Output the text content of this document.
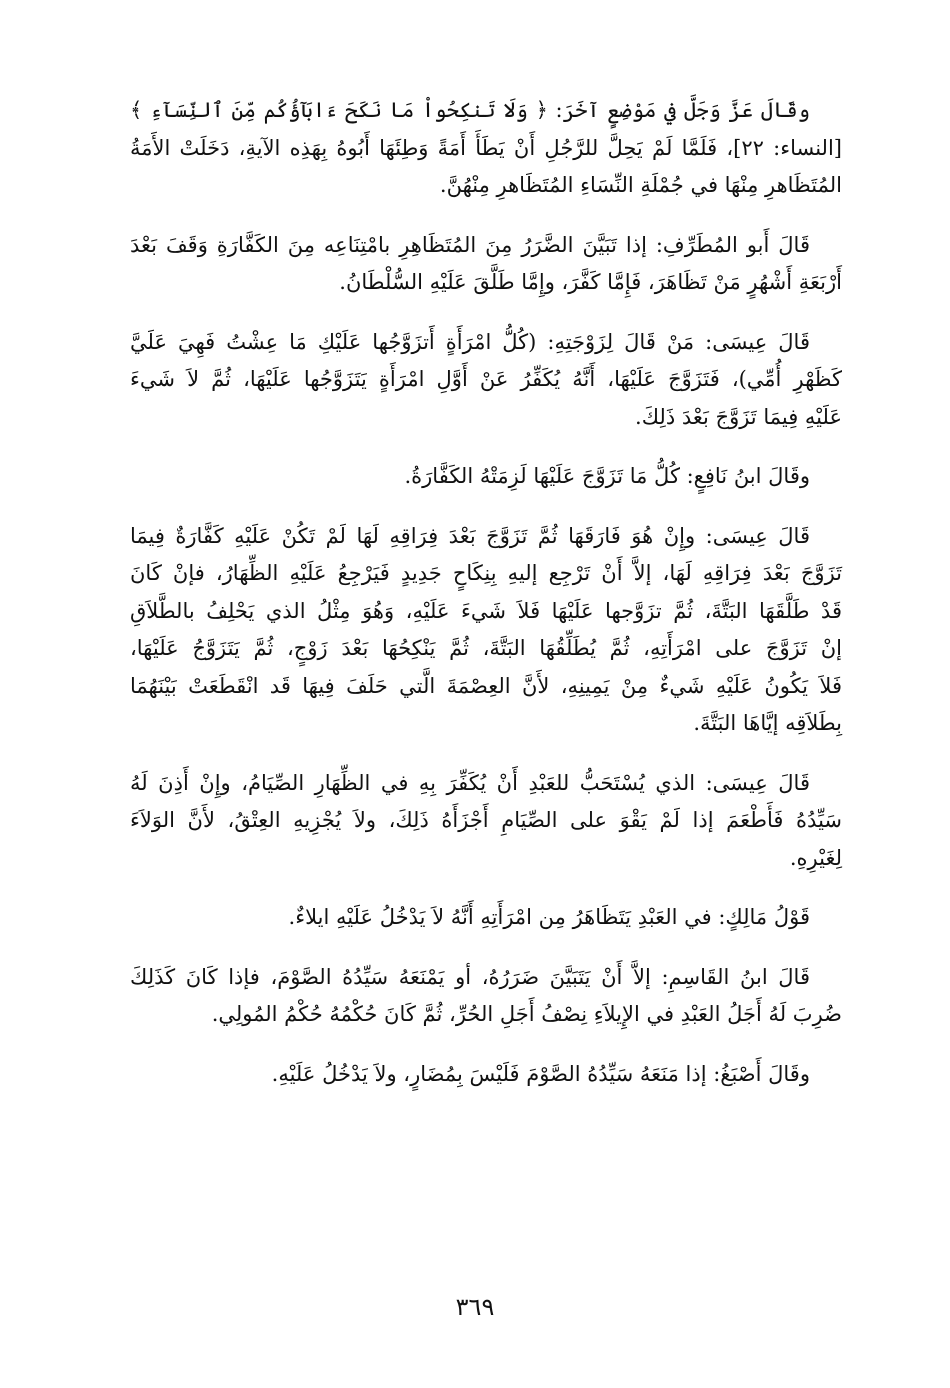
وقَالَ عَزَّ وَجَلَّ في مَوْضِعٍ آخَرَ: ﴿ وَلَا تَنكِحُواْ مَا نَكَحَ ءَابَآؤُكُم مِّنَ ٱلنِّسَآءِ ﴾
[النساء: ٢٢]، فَلَمَّا لَمْ يَحِلَّ للرَّجُلِ أَنْ يَطَأَ أَمَةً وَطِئَهَا أَبُوهُ بِهَذِه الآيةِ، دَخَلَتْ الأَمَةُ
المُتَظَاهرِ مِنْهَا في جُمْلَةِ النِّسَاءِ المُتَظَاهرِ مِنْهُنَّ.
قَالَ أَبو المُطَرِّفِ: إذا تَبَيَّنَ الضَّرَرُ مِنَ المُتَظَاهِرِ بامْتِنَاعِه مِنَ الكَفَّارَةِ وَقَفَ بَعْدَ
أَرْبَعَةِ أَشْهُرٍ مَنْ تَظَاهَرَ، فَإِمَّا كَفَّرَ، وإِمَّا طَلَّقَ عَلَيْهِ السُّلْطَانُ.
قَالَ عِيسَى: مَنْ قَالَ لِزَوْجَتِهِ: (كُلُّ امْرَأَةٍ أَتزَوَّجُها عَلَيْكِ مَا عِشْتُ فَهِيَ عَلَيَّ
كَظَهْرِ أُمِّي)، فَتَزَوَّجَ عَلَيْهَا، أَنَّهُ يُكَفِّرُ عَنْ أَوَّلِ امْرَأَةٍ يَتَزَوَّجُها عَلَيْهَا، ثُمَّ لاَ شَيءَ
عَلَيْهِ فِيمَا تَزَوَّجَ بَعْدَ ذَلِكَ.
وقَالَ ابنُ نَافِعٍ: كُلُّ مَا تَزَوَّجَ عَلَيْهَا لَزِمَتْهُ الكَفَّارَةُ.
قَالَ عِيسَى: وإِنْ هُوَ فَارَقَهَا ثُمَّ تَزَوَّجَ بَعْدَ فِرَاقِهِ لَهَا لَمْ تَكُنْ عَلَيْهِ كَفَّارَةٌ فِيمَا
تَزَوَّجَ بَعْدَ فِرَاقِهِ لَهَا، إلاَّ أَنْ تَرْجِع إليهِ بِنِكَاحٍ جَدِيدٍ فَيَرْجِعُ عَلَيْهِ الظِّهَارُ، فإنْ كَانَ
قَدْ طَلَّقَهَا البَتَّةَ، ثُمَّ تزَوَّجها عَلَيْهَا فَلاَ شَيءَ عَلَيْهِ، وَهُوَ مِثْلُ الذي يَحْلِفُ بالطَّلاَقِ
إنْ تَزَوَّجَ على امْرَأَتِهِ، ثُمَّ يُطَلِّقُهَا البَتَّةَ، ثُمَّ يَنْكِحُهَا بَعْدَ زَوْجٍ، ثُمَّ يَتَزَوَّجُ عَلَيْهَا،
فَلاَ يَكُونُ عَلَيْهِ شَيءٌ مِنْ يَمِينِهِ، لأَنَّ العِصْمَةَ الَّتي حَلَفَ فِيهَا قَد انْقَطَعَتْ بَيْنَهُمَا
بِطَلاَقِه إيَّاهَا البَتَّةَ.
قَالَ عِيسَى: الذي يُسْتَحَبُّ للعَبْدِ أَنْ يُكَفِّرَ بِهِ في الظِّهَارِ الصِّيَامُ، وإِنْ أَذِنَ لَهُ
سَيِّدُهُ فَأَطْعَمَ إذا لَمْ يَقْوَ على الصِّيَامِ أَجْزَأَهُ ذَلِكَ، ولاَ يُجْزِيهِ العِتْقُ، لأَنَّ الوَلاَءَ
لِغَيْرِهِ.
قَوْلُ مَالِكٍ: في العَبْدِ يَتَظَاهَرُ مِن امْرَأَتِهِ أَنَّهُ لاَ يَدْخُلُ عَلَيْهِ ايلاءٌ.
قَالَ ابنُ القَاسِمِ: إلاَّ أَنْ يَتَبَيَّنَ ضَرَرُهُ، أو يَمْنَعَهُ سَيِّدُهُ الصَّوْمَ، فإذا كَانَ كَذَلِكَ
ضُرِبَ لَهُ أَجَلُ العَبْدِ في الإِيلاَءِ نِصْفُ أَجَلِ الحُرِّ، ثُمَّ كَانَ حُكْمُهُ حُكْمُ المُولِي.
وقَالَ أَصْبَغُ: إذا مَنَعَهُ سَيِّدُهُ الصَّوْمَ فَلَيْسَ بِمُضَارٍ، ولاَ يَدْخُلُ عَلَيْهِ.
٣٦٩
